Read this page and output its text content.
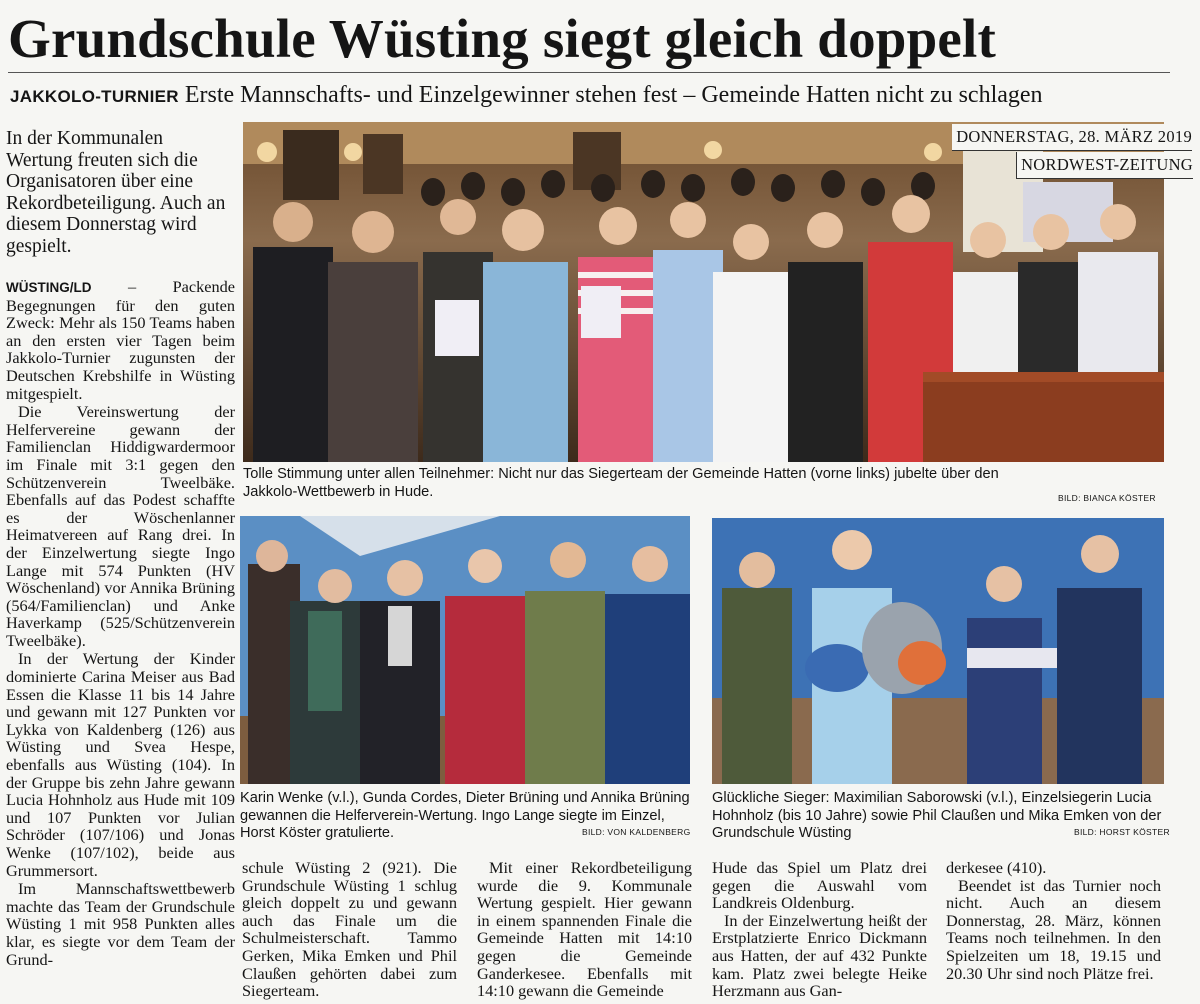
Grundschule Wüsting siegt gleich doppelt
JAKKOLO-TURNIER Erste Mannschafts- und Einzelgewinner stehen fest – Gemeinde Hatten nicht zu schlagen
In der Kommunalen Wertung freuten sich die Organisatoren über eine Rekordbeteiligung. Auch an diesem Donnerstag wird gespielt.

WÜSTING/LD – Packende Begegnungen für den guten Zweck: Mehr als 150 Teams haben an den ersten vier Tagen beim Jakkolo-Turnier zugunsten der Deutschen Krebshilfe in Wüsting mitgespielt.

Die Vereinswertung der Helfervereine gewann der Familienclan Hiddigwardermoor im Finale mit 3:1 gegen den Schützenverein Tweelbäke. Ebenfalls auf das Podest schaffte es der Wöschenlanner Heimatvereen auf Rang drei. In der Einzelwertung siegte Ingo Lange mit 574 Punkten (HV Wöschenland) vor Annika Brüning (564/Familienclan) und Anke Haverkamp (525/Schützenverein Tweelbäke).

In der Wertung der Kinder dominierte Carina Meiser aus Bad Essen die Klasse 11 bis 14 Jahre und gewann mit 127 Punkten vor Lykka von Kaldenberg (126) aus Wüsting und Svea Hespe, ebenfalls aus Wüsting (104). In der Gruppe bis zehn Jahre gewann Lucia Hohnholz aus Hude mit 109 und 107 Punkten vor Julian Schröder (107/106) und Jonas Wenke (107/102), beide aus Grummersort.

Im Mannschaftswettbewerb machte das Team der Grundschule Wüsting 1 mit 958 Punkten alles klar, es siegte vor dem Team der Grund-

DONNERSTAG, 28. MÄRZ 2019
NORDWEST-ZEITUNG
Tolle Stimmung unter allen Teilnehmer: Nicht nur das Siegerteam der Gemeinde Hatten (vorne links) jubelte über den Jakkolo-Wettbewerb in Hude.	BILD: BIANCA KÖSTER
Karin Wenke (v.l.), Gunda Cordes, Dieter Brüning und Annika Brüning gewannen die Helferverein-Wertung. Ingo Lange siegte im Einzel, Horst Köster gratulierte.	BILD: VON KALDENBERG
Glückliche Sieger: Maximilian Saborowski (v.l.), Einzelsiegerin Lucia Hohnholz (bis 10 Jahre) sowie Phil Claußen und Mika Emken von der Grundschule Wüsting	BILD: HORST KÖSTER

schule Wüsting 2 (921). Die Grundschule Wüsting 1 schlug gleich doppelt zu und gewann auch das Finale um die Schulmeisterschaft. Tammo Gerken, Mika Emken und Phil Claußen gehörten dabei zum Siegerteam.

Mit einer Rekordbeteiligung wurde die 9. Kommunale Wertung gespielt. Hier gewann in einem spannenden Finale die Gemeinde Hatten mit 14:10 gegen die Gemeinde Ganderkesee. Ebenfalls mit 14:10 gewann die Gemeinde

Hude das Spiel um Platz drei gegen die Auswahl vom Landkreis Oldenburg.

In der Einzelwertung heißt der Erstplatzierte Enrico Dickmann aus Hatten, der auf 432 Punkte kam. Platz zwei belegte Heike Herzmann aus Gan-

derkesee (410).

Beendet ist das Turnier noch nicht. Auch an diesem Donnerstag, 28. März, können Teams noch teilnehmen. In den Spielzeiten um 18, 19.15 und 20.30 Uhr sind noch Plätze frei.
